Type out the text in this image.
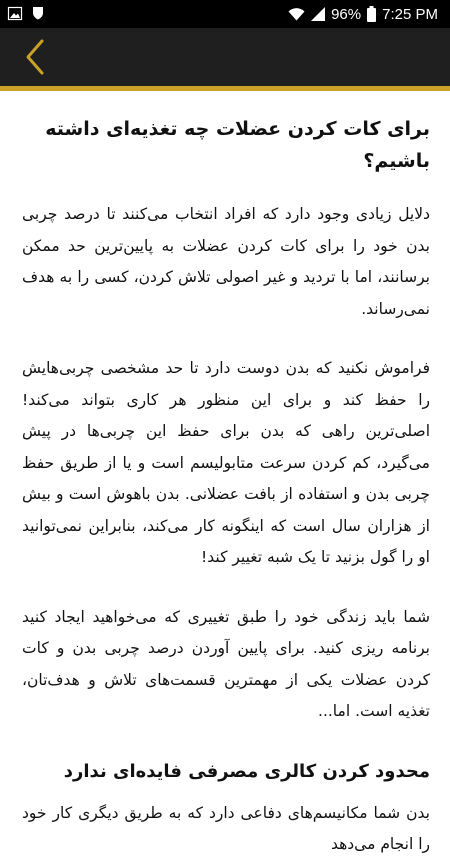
96% 7:25 PM
برای کات کردن عضلات چه تغذیه‌ای داشته باشیم؟

دلایل زیادی وجود دارد که افراد انتخاب می‌کنند تا درصد چربی بدن خود را برای کات کردن عضلات به پایین‌ترین حد ممکن برسانند، اما با تردید و غیر اصولی تلاش کردن، کسی را به هدف نمی‌رساند.

فراموش نکنید که بدن دوست دارد تا حد مشخصی چربی‌هایش را حفظ کند و برای این منظور هر کاری بتواند می‌کند! اصلی‌ترین راهی که بدن برای حفظ این چربی‌ها در پیش می‌گیرد، کم کردن سرعت متابولیسم است و یا از طریق حفظ چربی بدن و استفاده از بافت عضلانی. بدن باهوش است و بیش از هزاران سال است که اینگونه کار می‌کند، بنابراین نمی‌توانید او را گول بزنید تا یک شبه تغییر کند!

شما باید زندگی خود را طبق تغییری که می‌خواهید ایجاد کنید برنامه ریزی کنید. برای پایین آوردن درصد چربی بدن و کات کردن عضلات یکی از مهمترین قسمت‌های تلاش و هدف‌تان، تغذیه است. اما...

محدود کردن کالری مصرفی فایده‌ای ندارد

بدن شما مکانیسم‌های دفاعی دارد که به طریق دیگری کار خود را انجام می‌دهد
